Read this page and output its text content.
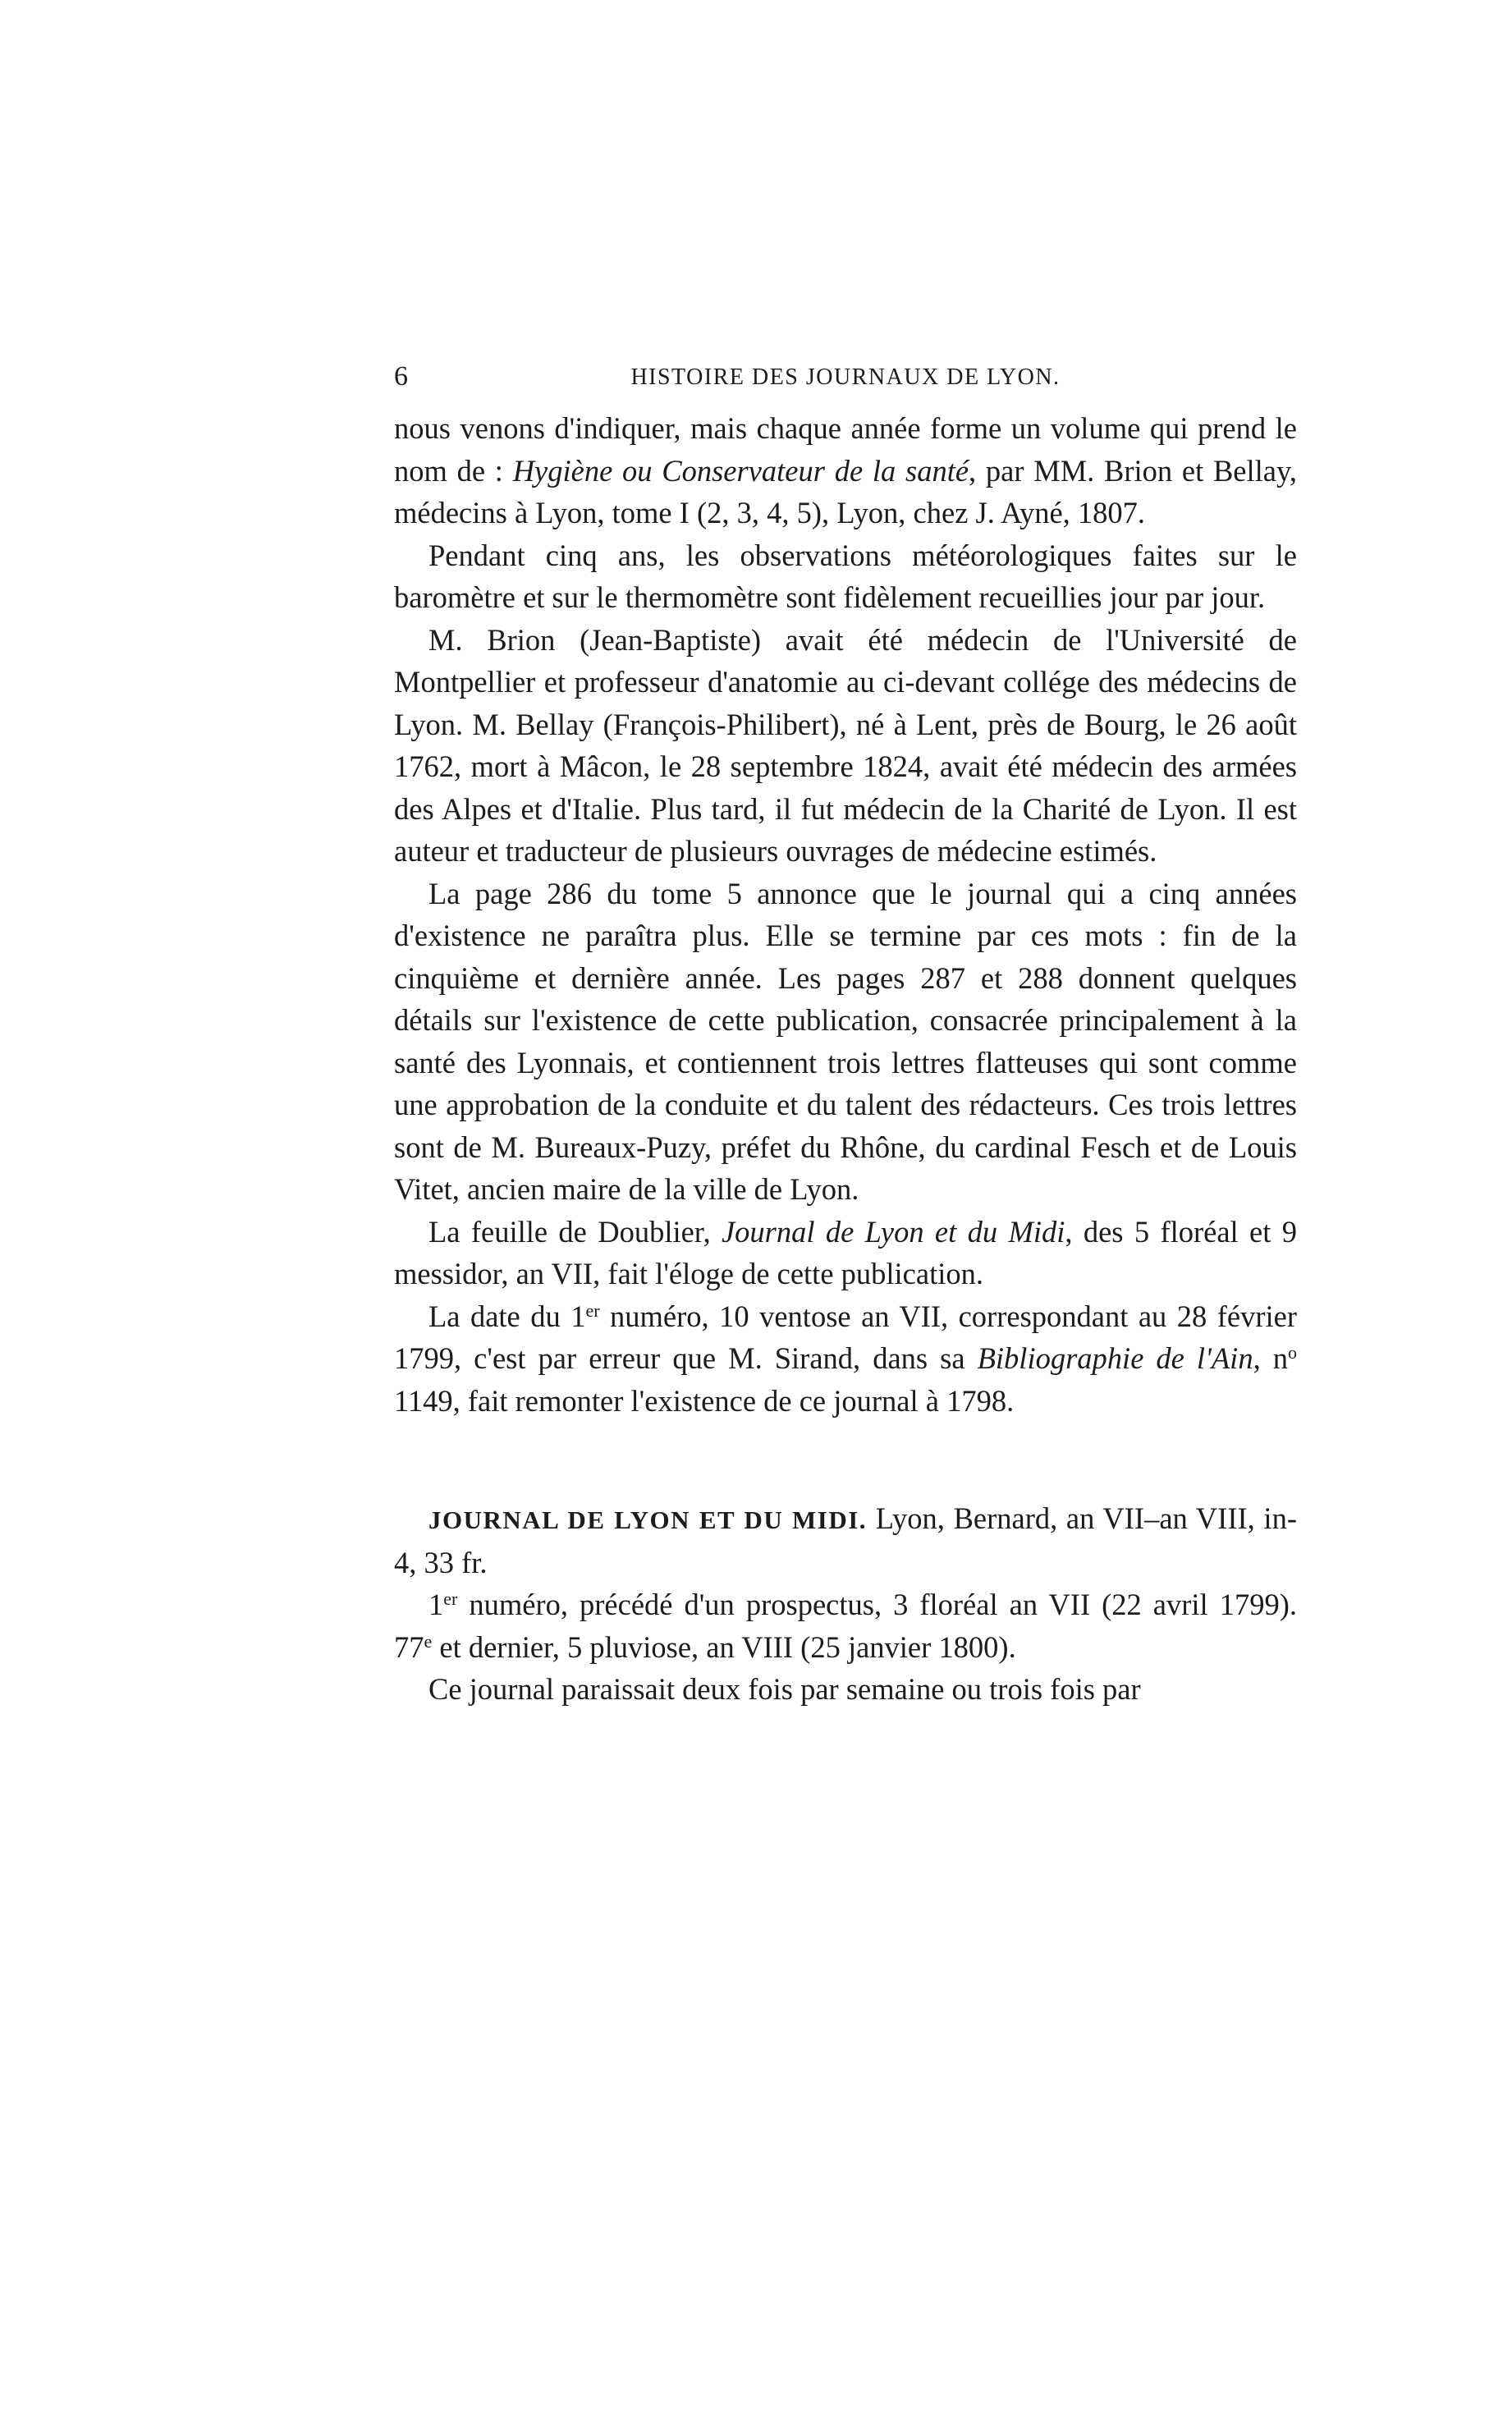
6	HISTOIRE DES JOURNAUX DE LYON.

nous venons d'indiquer, mais chaque année forme un volume qui prend le nom de : Hygiène ou Conservateur de la santé, par MM. Brion et Bellay, médecins à Lyon, tome I (2, 3, 4, 5), Lyon, chez J. Ayné, 1807.

Pendant cinq ans, les observations météorologiques faites sur le baromètre et sur le thermomètre sont fidèlement recueillies jour par jour.

M. Brion (Jean-Baptiste) avait été médecin de l'Université de Montpellier et professeur d'anatomie au ci-devant collége des médecins de Lyon. M. Bellay (François-Philibert), né à Lent, près de Bourg, le 26 août 1762, mort à Mâcon, le 28 septembre 1824, avait été médecin des armées des Alpes et d'Italie. Plus tard, il fut médecin de la Charité de Lyon. Il est auteur et traducteur de plusieurs ouvrages de médecine estimés.

La page 286 du tome 5 annonce que le journal qui a cinq années d'existence ne paraîtra plus. Elle se termine par ces mots : fin de la cinquième et dernière année. Les pages 287 et 288 donnent quelques détails sur l'existence de cette publication, consacrée principalement à la santé des Lyonnais, et contiennent trois lettres flatteuses qui sont comme une approbation de la conduite et du talent des rédacteurs. Ces trois lettres sont de M. Bureaux-Puzy, préfet du Rhône, du cardinal Fesch et de Louis Vitet, ancien maire de la ville de Lyon.

La feuille de Doublier, Journal de Lyon et du Midi, des 5 floréal et 9 messidor, an VII, fait l'éloge de cette publication.

La date du 1er numéro, 10 ventose an VII, correspondant au 28 février 1799, c'est par erreur que M. Sirand, dans sa Bibliographie de l'Ain, $n^o$ 1149, fait remonter l'existence de ce journal à 1798.

JOURNAL DE LYON ET DU MIDI. Lyon, Bernard, an VII–an VIII, in-4, 33 fr.

1er numéro, précédé d'un prospectus, 3 floréal an VII (22 avril 1799). 77e et dernier, 5 pluviose, an VIII (25 janvier 1800).

Ce journal paraissait deux fois par semaine ou trois fois par
